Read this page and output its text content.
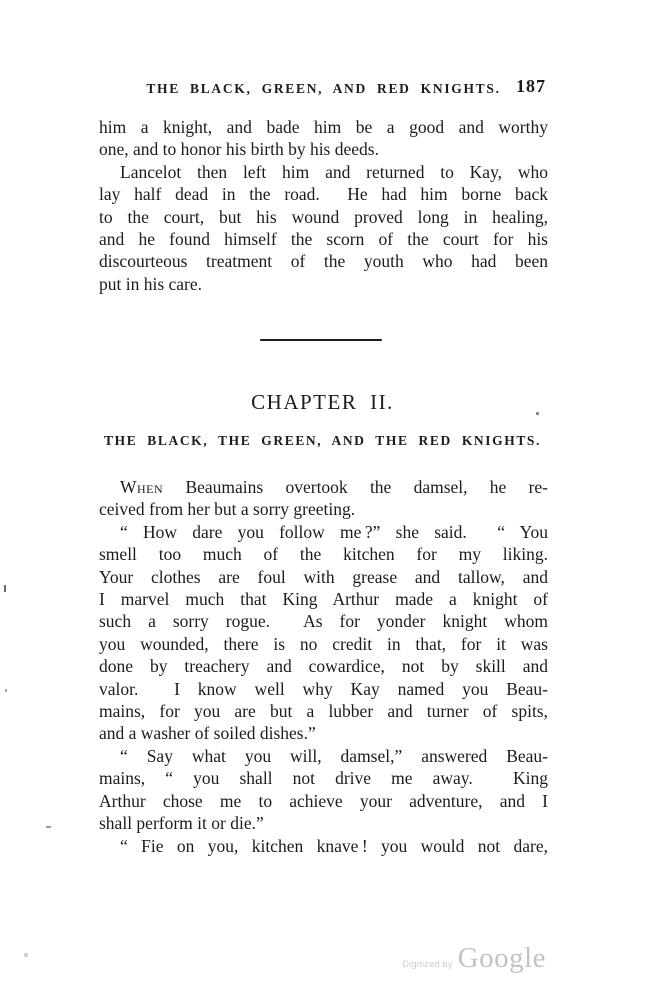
THE BLACK, GREEN, AND RED KNIGHTS. 187
him a knight, and bade him be a good and worthy
one, and to honor his birth by his deeds.
Lancelot then left him and returned to Kay, who
lay half dead in the road.  He had him borne back
to the court, but his wound proved long in healing,
and he found himself the scorn of the court for his
discourteous treatment of the youth who had been
put in his care.
CHAPTER II.
THE BLACK, THE GREEN, AND THE RED KNIGHTS.
When Beaumains overtook the damsel, he re-
ceived from her but a sorry greeting.
“ How dare you follow me ?” she said.  “ You
smell too much of the kitchen for my liking.
Your clothes are foul with grease and tallow, and
I marvel much that King Arthur made a knight of
such a sorry rogue.  As for yonder knight whom
you wounded, there is no credit in that, for it was
done by treachery and cowardice, not by skill and
valor.  I know well why Kay named you Beau-
mains, for you are but a lubber and turner of spits,
and a washer of soiled dishes.”
“ Say what you will, damsel,” answered Beau-
mains, “ you shall not drive me away.  King
Arthur chose me to achieve your adventure, and I
shall perform it or die.”
“ Fie on you, kitchen knave ! you would not dare,
Digitized by Google
